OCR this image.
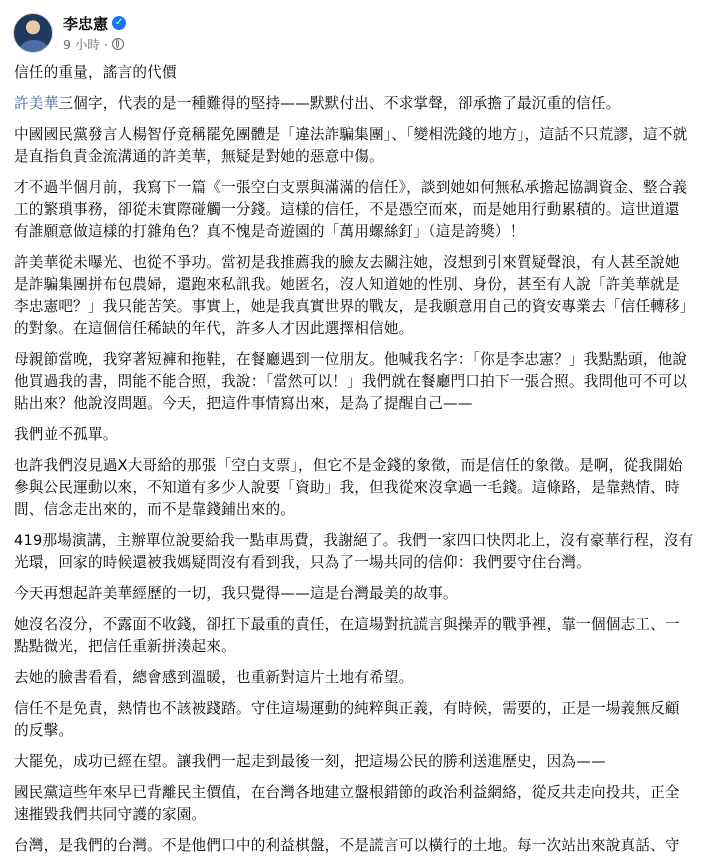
李忠憲 ✓
9 小時 ·

信任的重量，謠言的代價

許美華三個字，代表的是一種難得的堅持——默默付出、不求掌聲，卻承擔了最沉重的信任。

中國國民黨發言人楊智伃竟稱罷免團體是「違法詐騙集團」、「變相洗錢的地方」，這話不只荒謬，這不就是直指負責金流溝通的許美華，無疑是對她的惡意中傷。

才不過半個月前，我寫下一篇《一張空白支票與滿滿的信任》，談到她如何無私承擔起協調資金、整合義工的繁瑣事務，卻從未實際碰觸一分錢。這樣的信任，不是憑空而來，而是她用行動累積的。這世道還有誰願意做這樣的打雜角色？真不愧是奇遊園的「萬用螺絲釘」（這是誇獎）！

許美華從未曝光、也從不爭功。當初是我推薦我的臉友去關注她，沒想到引來質疑聲浪，有人甚至說她是詐騙集團拼布包農婦，還跑來私訊我。她匿名，沒人知道她的性別、身份，甚至有人說「許美華就是李忠憲吧？」我只能苦笑。事實上，她是我真實世界的戰友，是我願意用自己的資安專業去「信任轉移」的對象。在這個信任稀缺的年代，許多人才因此選擇相信她。

母親節當晚，我穿著短褲和拖鞋，在餐廳遇到一位朋友。他喊我名字：「你是李忠憲？」我點點頭，他說他買過我的書，問能不能合照，我說：「當然可以！」我們就在餐廳門口拍下一張合照。我問他可不可以貼出來？他說沒問題。今天，把這件事情寫出來，是為了提醒自己——

我們並不孤單。

也許我們沒見過X大哥給的那張「空白支票」，但它不是金錢的象徵，而是信任的象徵。是啊，從我開始參與公民運動以來，不知道有多少人說要「資助」我，但我從來沒拿過一毛錢。這條路，是靠熱情、時間、信念走出來的，而不是靠錢鋪出來的。

419那場演講，主辦單位說要給我一點車馬費，我謝絕了。我們一家四口快閃北上，沒有豪華行程，沒有光環，回家的時候還被我媽疑問沒有看到我，只為了一場共同的信仰：我們要守住台灣。

今天再想起許美華經歷的一切，我只覺得——這是台灣最美的故事。

她沒名沒分，不露面不收錢，卻扛下最重的責任，在這場對抗謊言與操弄的戰爭裡，靠一個個志工、一點點微光，把信任重新拼湊起來。

去她的臉書看看，總會感到溫暖，也重新對這片土地有希望。

信任不是免責，熱情也不該被踐踏。守住這場運動的純粹與正義，有時候，需要的，正是一場義無反顧的反擊。

大罷免，成功已經在望。讓我們一起走到最後一刻，把這場公民的勝利送進歷史，因為——

國民黨這些年來早已背離民主價值，在台灣各地建立盤根錯節的政治利益網絡，從反共走向投共，正全速摧毀我們共同守護的家園。

台灣，是我們的台灣。不是他們口中的利益棋盤，不是謊言可以橫行的土地。每一次站出來說真話、守
